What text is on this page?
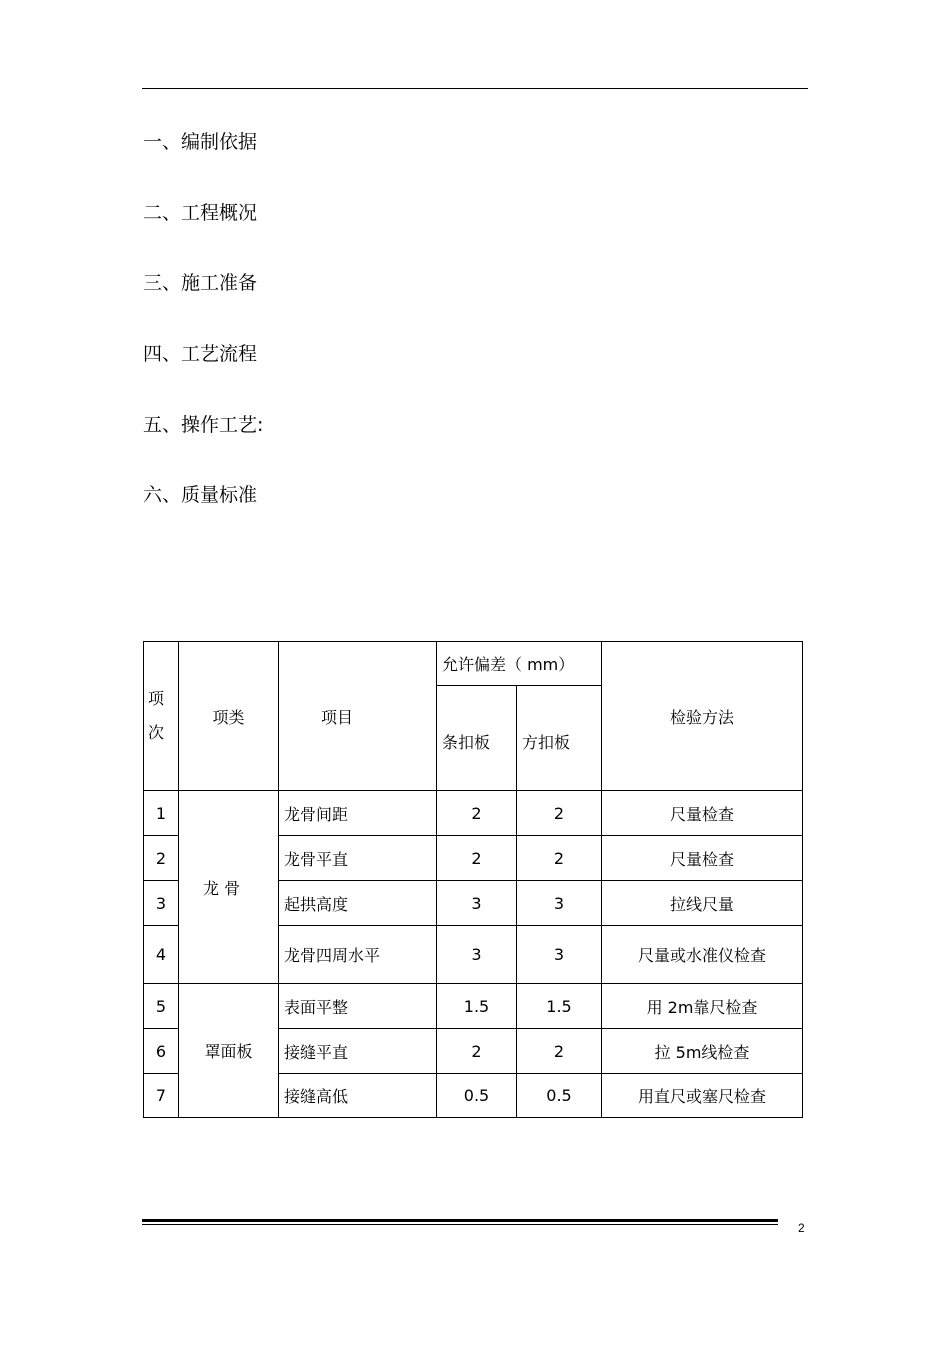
一、编制依据
二、工程概况
三、施工准备
四、工艺流程
五、操作工艺:
六、质量标准
项次	项类	项目	允许偏差（ mm）		检验方法
			条扣板	方扣板	
1	龙 骨	龙骨间距	2	2	尺量检查
2		龙骨平直	2	2	尺量检查
3		起拱高度	3	3	拉线尺量
4		龙骨四周水平	3	3	尺量或水准仪检查
5	罩面板	表面平整	1.5	1.5	用 2m靠尺检查
6		接缝平直	2	2	拉 5m线检查
7		接缝高低	0.5	0.5	用直尺或塞尺检查
2
